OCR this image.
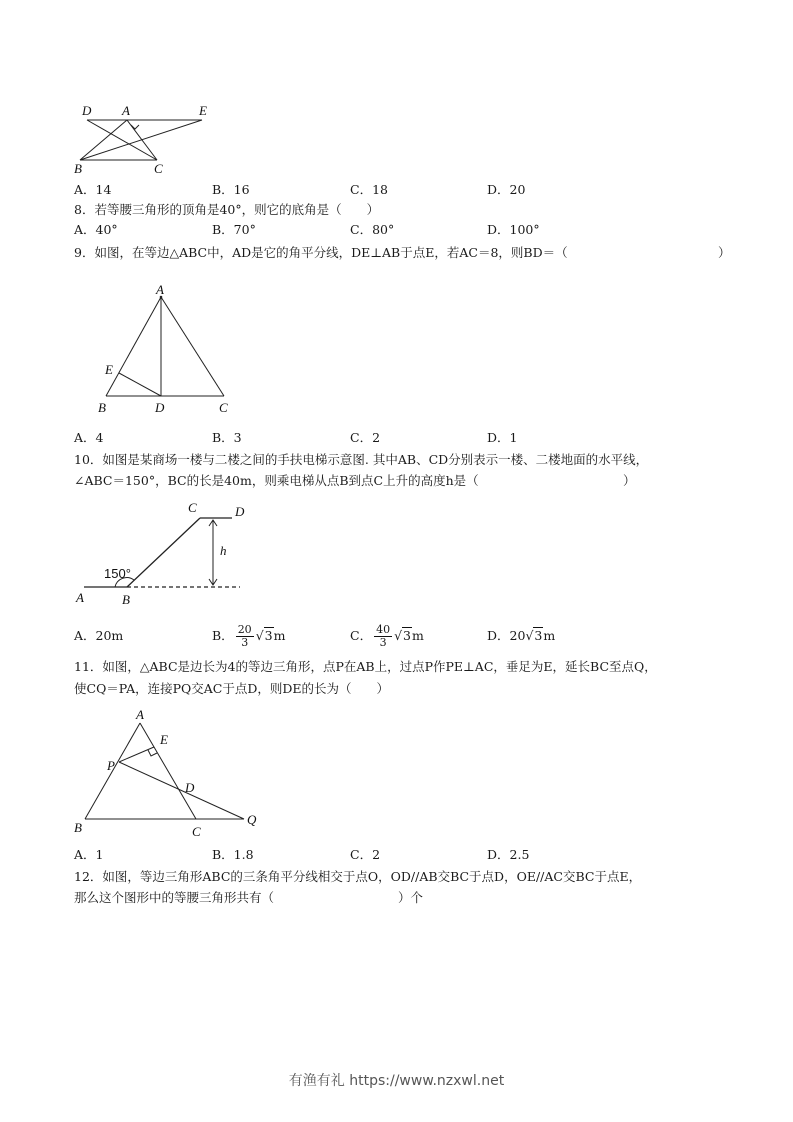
D A	E
B	C
A．14	B．16	C．18	D．20
8．若等腰三角形的顶角是40°，则它的底角是（　　）
A．40°	B．70°	C．80°	D．100°
9．如图，在等边△ABC中，AD是它的角平分线，DE⊥AB于点E，若AC＝8，则BD＝（	）
A
E
B	D	C
A．4	B．3	C．2	D．1
10．如图是某商场一楼与二楼之间的手扶电梯示意图. 其中AB、CD分别表示一楼、二楼地面的水平线，
∠ABC＝150°，BC的长是40m，则乘电梯从点B到点C上升的高度h是（	）
C	D
h
150°
A	B
A．20m	B． $\frac{20}{3} √3m$	C． $\frac{40}{3} √3m$	D．20√3m
11．如图，△ABC是边长为4的等边三角形，点P在AB上，过点P作PE⊥AC，垂足为E，延长BC至点Q，
使CQ＝PA，连接PQ交AC于点D，则DE的长为（　　）
A
E
P
D
B	C
Q
A．1	B．1.8	C．2	D．2.5
12．如图，等边三角形ABC的三条角平分线相交于点O，OD//AB交BC于点D，OE//AC交BC于点E，
那么这个图形中的等腰三角形共有（	）个
有渔有礼 https://www.nzxwl.net
